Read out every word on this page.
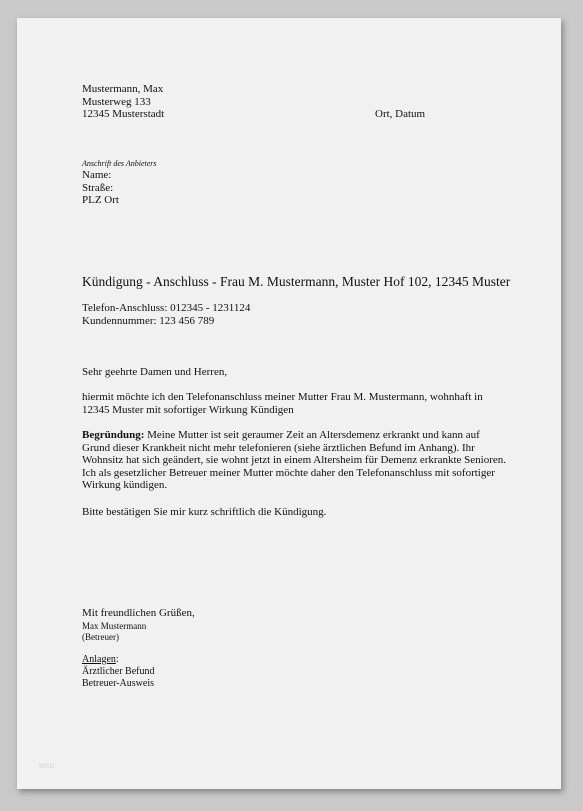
Mustermann, Max
Musterweg 133
12345 Musterstadt	Ort, Datum
Anschrift des Anbieters
Name:
Straße:
PLZ Ort
Kündigung - Anschluss - Frau M. Mustermann, Muster Hof 102, 12345 Muster
Telefon-Anschluss: 012345 - 1231124
Kundennummer: 123 456 789
Sehr geehrte Damen und Herren,
hiermit möchte ich den Telefonanschluss meiner Mutter Frau M. Mustermann, wohnhaft in 12345 Muster mit sofortiger Wirkung Kündigen
Begründung: Meine Mutter ist seit geraumer Zeit an Altersdemenz erkrankt und kann auf Grund dieser Krankheit nicht mehr telefonieren (siehe ärztlichen Befund im Anhang). Ihr Wohnsitz hat sich geändert, sie wohnt jetzt in einem Altersheim für Demenz erkrankte Senioren. Ich als gesetzlicher Betreuer meiner Mutter möchte daher den Telefonanschluss mit sofortiger Wirkung kündigen.
Bitte bestätigen Sie mir kurz schriftlich die Kündigung.
Mit freundlichen Grüßen,
Max Mustermann
(Betreuer)
Anlagen:
Ärztlicher Befund
Betreuer-Ausweis
tecu
